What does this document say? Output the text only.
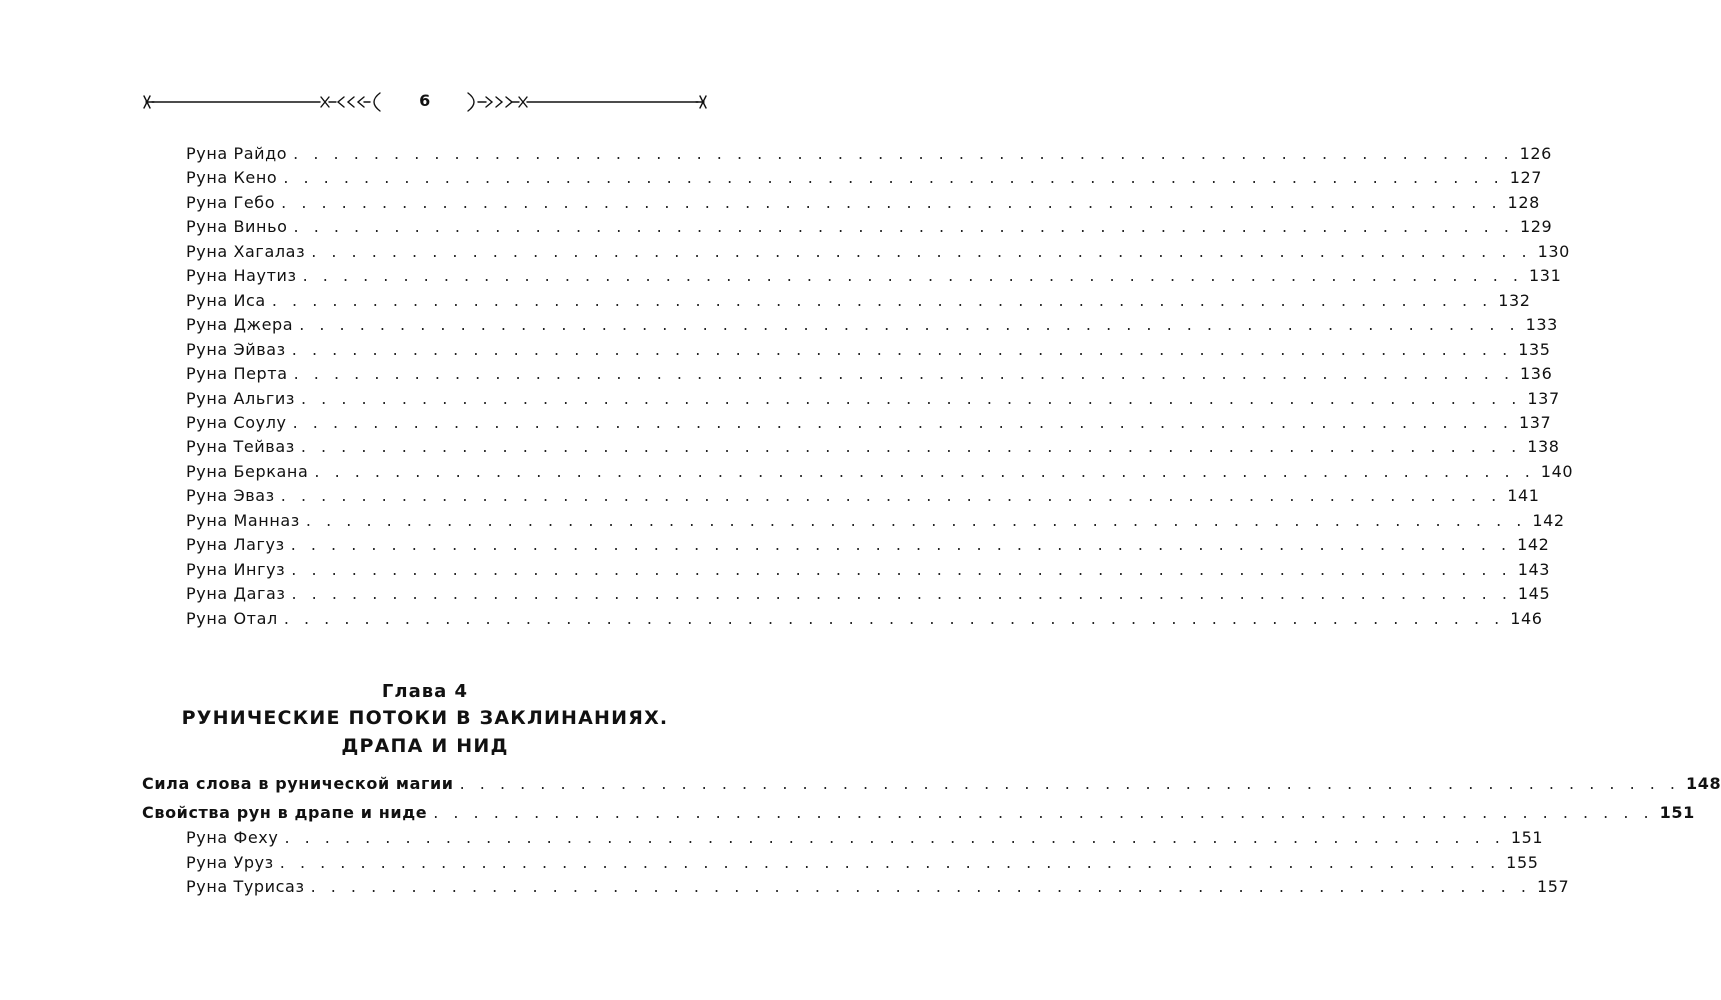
6
Руна Райдо . . . . . . . . . . . . . . . . . . . . . . . . . . . . . . . . . . . . . . . . . . . . . . . . . . . . . . . . . . . . . 126
Руна Кено . . . . . . . . . . . . . . . . . . . . . . . . . . . . . . . . . . . . . . . . . . . . . . . . . . . . . . . . . . . . . 127
Руна Гебо . . . . . . . . . . . . . . . . . . . . . . . . . . . . . . . . . . . . . . . . . . . . . . . . . . . . . . . . . . . . . 128
Руна Виньо . . . . . . . . . . . . . . . . . . . . . . . . . . . . . . . . . . . . . . . . . . . . . . . . . . . . . . . . . . . . . 129
Руна Хагалаз . . . . . . . . . . . . . . . . . . . . . . . . . . . . . . . . . . . . . . . . . . . . . . . . . . . . . . . . . . . . . 130
Руна Наутиз . . . . . . . . . . . . . . . . . . . . . . . . . . . . . . . . . . . . . . . . . . . . . . . . . . . . . . . . . . . . . 131
Руна Иса . . . . . . . . . . . . . . . . . . . . . . . . . . . . . . . . . . . . . . . . . . . . . . . . . . . . . . . . . . . . . 132
Руна Джера . . . . . . . . . . . . . . . . . . . . . . . . . . . . . . . . . . . . . . . . . . . . . . . . . . . . . . . . . . . . . 133
Руна Эйваз . . . . . . . . . . . . . . . . . . . . . . . . . . . . . . . . . . . . . . . . . . . . . . . . . . . . . . . . . . . . . 135
Руна Перта . . . . . . . . . . . . . . . . . . . . . . . . . . . . . . . . . . . . . . . . . . . . . . . . . . . . . . . . . . . . . 136
Руна Альгиз . . . . . . . . . . . . . . . . . . . . . . . . . . . . . . . . . . . . . . . . . . . . . . . . . . . . . . . . . . . . . 137
Руна Соулу . . . . . . . . . . . . . . . . . . . . . . . . . . . . . . . . . . . . . . . . . . . . . . . . . . . . . . . . . . . . . 137
Руна Тейваз . . . . . . . . . . . . . . . . . . . . . . . . . . . . . . . . . . . . . . . . . . . . . . . . . . . . . . . . . . . . . 138
Руна Беркана . . . . . . . . . . . . . . . . . . . . . . . . . . . . . . . . . . . . . . . . . . . . . . . . . . . . . . . . . . . . . 140
Руна Эваз . . . . . . . . . . . . . . . . . . . . . . . . . . . . . . . . . . . . . . . . . . . . . . . . . . . . . . . . . . . . . 141
Руна Манназ . . . . . . . . . . . . . . . . . . . . . . . . . . . . . . . . . . . . . . . . . . . . . . . . . . . . . . . . . . . . . 142
Руна Лагуз . . . . . . . . . . . . . . . . . . . . . . . . . . . . . . . . . . . . . . . . . . . . . . . . . . . . . . . . . . . . . 142
Руна Ингуз . . . . . . . . . . . . . . . . . . . . . . . . . . . . . . . . . . . . . . . . . . . . . . . . . . . . . . . . . . . . . 143
Руна Дагаз . . . . . . . . . . . . . . . . . . . . . . . . . . . . . . . . . . . . . . . . . . . . . . . . . . . . . . . . . . . . . 145
Руна Отал . . . . . . . . . . . . . . . . . . . . . . . . . . . . . . . . . . . . . . . . . . . . . . . . . . . . . . . . . . . . . 146
Глава 4
РУНИЧЕСКИЕ ПОТОКИ В ЗАКЛИНАНИЯХ.
ДРАПА И НИД
Сила слова в рунической магии . . . . . . . . . . . . . . . . . . . . . . . . . . . . . . . . . . . . . . . . . . . . . . . . . . . . . . . . . . . . . 148
Свойства рун в драпе и ниде . . . . . . . . . . . . . . . . . . . . . . . . . . . . . . . . . . . . . . . . . . . . . . . . . . . . . . . . . . . . . 151
Руна Феху . . . . . . . . . . . . . . . . . . . . . . . . . . . . . . . . . . . . . . . . . . . . . . . . . . . . . . . . . . . . . 151
Руна Уруз . . . . . . . . . . . . . . . . . . . . . . . . . . . . . . . . . . . . . . . . . . . . . . . . . . . . . . . . . . . . . 155
Руна Турисаз . . . . . . . . . . . . . . . . . . . . . . . . . . . . . . . . . . . . . . . . . . . . . . . . . . . . . . . . . . . . . 157
